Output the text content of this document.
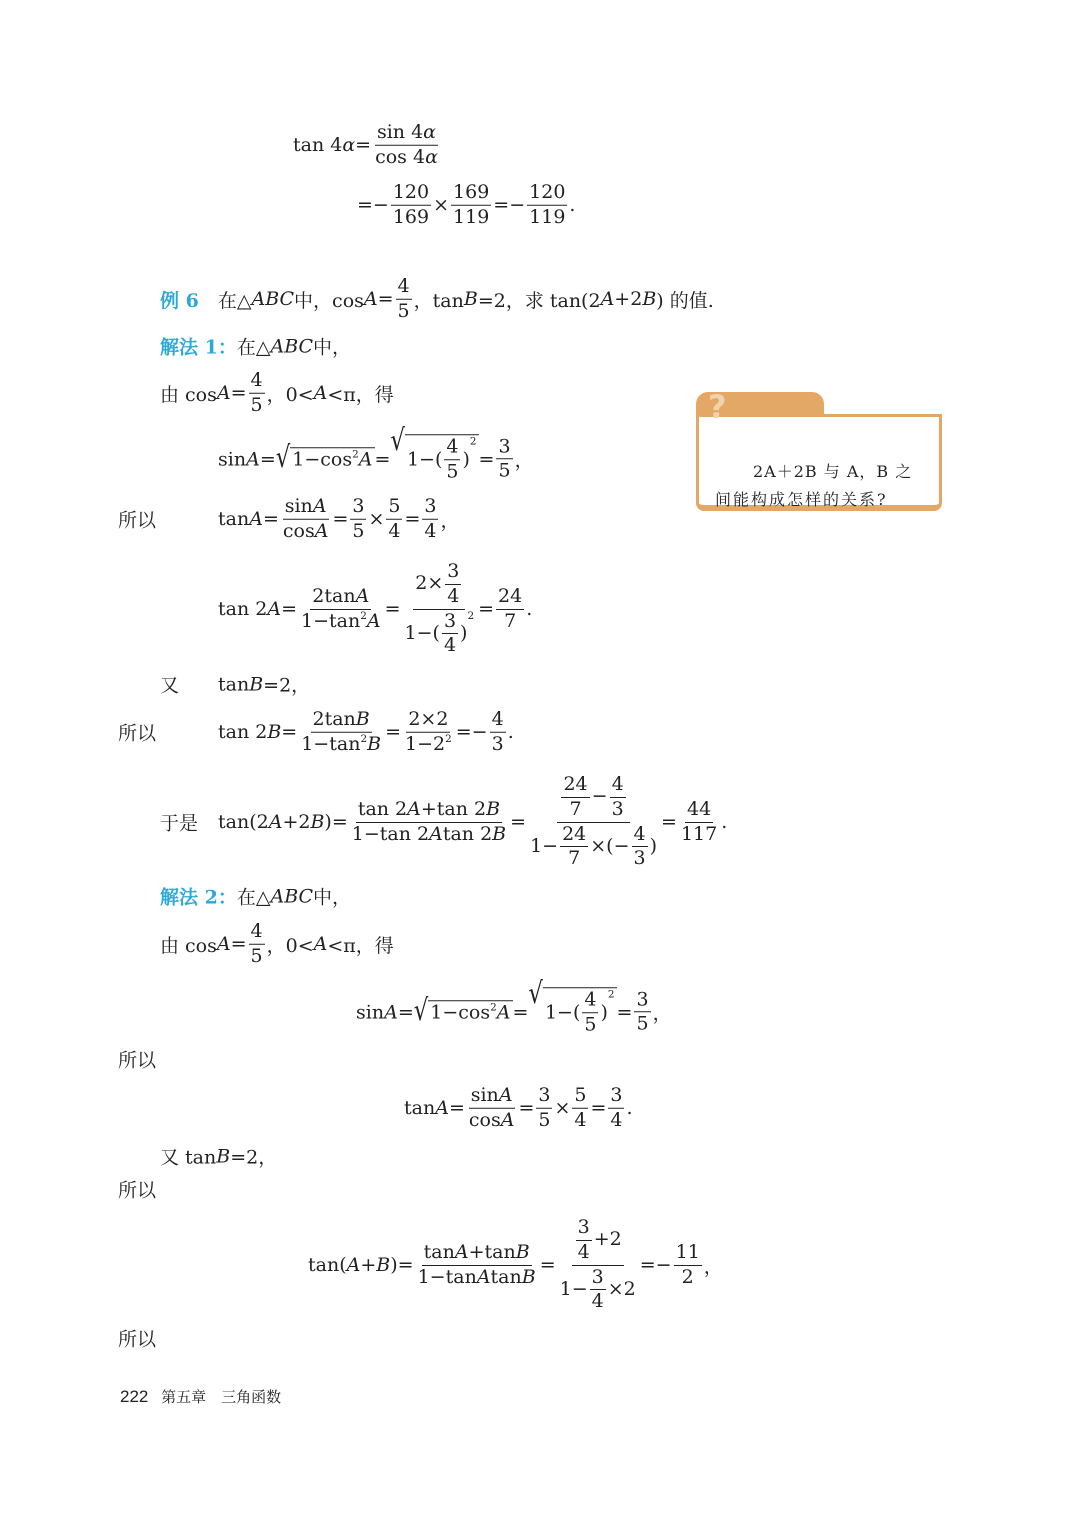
tan 4 $\alpha = \frac{\sin 4 \alpha}{\cos 4 \alpha}$
=− $\frac{120}{169} \times \frac{169}{119} =- \frac{120}{119}$ .
例 6 　在△ ABC 中，$\cos A = \frac{4}{5}$ ，tan B =2，求 tan(2 A +2 B ) 的值.
解法 1： 在△ ABC 中，
由 $\cos A = \frac{4}{5}$ ，0< A <π，得
sin A = √ 1−cos 2 A =
√
$1-( \frac{4}{5}$ )
2
= $\frac{3}{5}$ ，
所以	$\tan A = \frac{\text{sin A}}{\text{cos A}} = \frac{3}{5} \times \frac{5}{4} = \frac{3}{4}$ ，
tan 2 $A = \frac{\text{2tan A}}{1-\tan 2 A} = 2\times \frac{3}{4}$
$1-( \frac{3}{4}$ )
$2 = \frac{24}{7}$ .
又 tan B =2，
所以	tan 2 $B = \frac{\text{2tan B}}{1-\tan 2 B} = \frac{2\times 2}{1-2 2} =- \frac{4}{3}$ .
于是 tan(2 A +2 B )= $\frac{\tan 2 A +\tan 2 B}{\text{1−tan 2 A tan 2 B}} = \frac{\frac{24}{7} - \frac{4}{3}}{1- \frac{24}{7} \times(- \frac{4}{3} )} = \frac{44}{117}$ .
解法 2： 在△ ABC 中，
由 $\cos A = \frac{4}{5}$ ，0< A <π，得
sin A = √ 1−cos 2 A =
√
$1-( \frac{4}{5}$ )
2
= $\frac{3}{5}$ ，
所以
$\tan A = \frac{\text{sin A}}{\text{cos A}} = \frac{3}{5} \times \frac{5}{4} = \frac{3}{4}$ .
又 tan B =2，
所以
tan( A + B )= $\frac{\text{tan A +tan B}}{\text{1−tan A tan B}} = \frac{\frac{3}{4} +2}{1- \frac{3}{4} \times 2} =- \frac{11}{2}$ ，
所以
2A＋2B 与 A，B 之
间能构成怎样的关系?
?
222 第五章　三角函数
